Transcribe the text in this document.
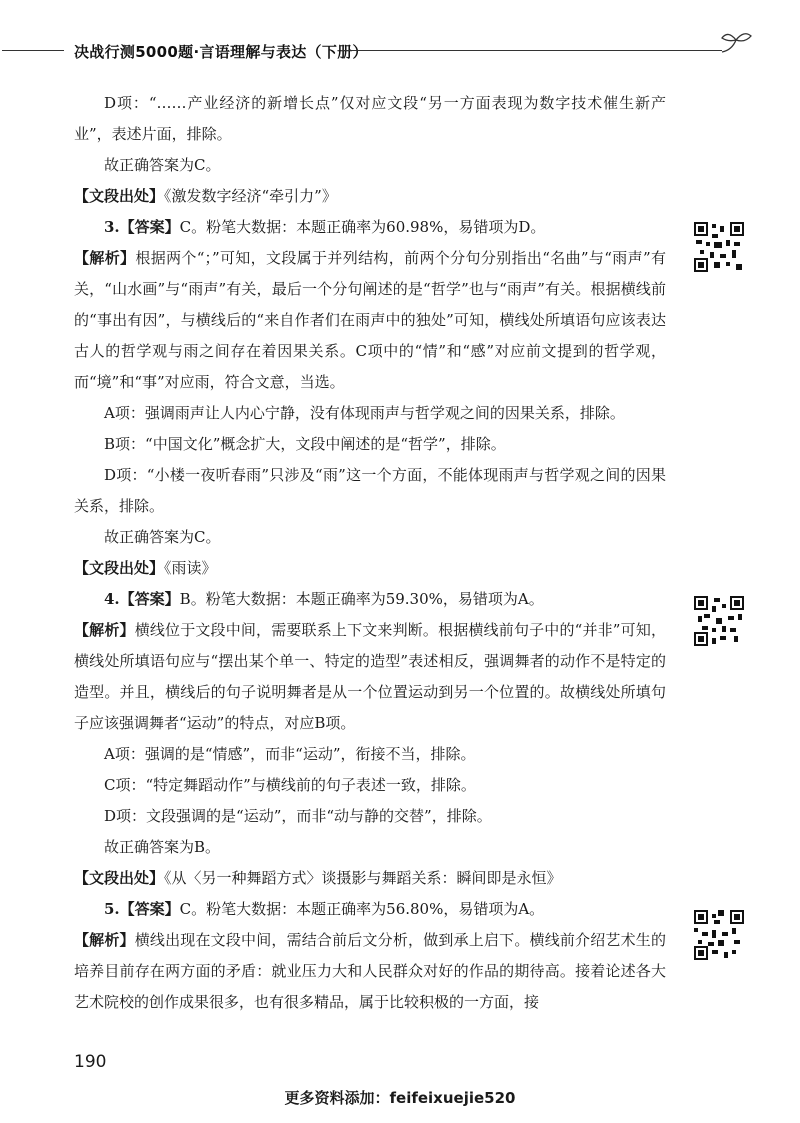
决战行测5000题·言语理解与表达（下册）

D项：“……产业经济的新增长点”仅对应文段“另一方面表现为数字技术催生新产业”，表述片面，排除。

故正确答案为C。

【文段出处】《激发数字经济“牵引力”》

3.【答案】C。粉笔大数据：本题正确率为60.98%，易错项为D。

【解析】根据两个“；”可知，文段属于并列结构，前两个分句分别指出“名曲”与“雨声”有关，“山水画”与“雨声”有关，最后一个分句阐述的是“哲学”也与“雨声”有关。根据横线前的“事出有因”，与横线后的“来自作者们在雨声中的独处”可知，横线处所填语句应该表达古人的哲学观与雨之间存在着因果关系。C项中的“情”和“感”对应前文提到的哲学观，而“境”和“事”对应雨，符合文意，当选。

A项：强调雨声让人内心宁静，没有体现雨声与哲学观之间的因果关系，排除。

B项：“中国文化”概念扩大，文段中阐述的是“哲学”，排除。

D项：“小楼一夜听春雨”只涉及“雨”这一个方面，不能体现雨声与哲学观之间的因果关系，排除。

故正确答案为C。

【文段出处】《雨读》

4.【答案】B。粉笔大数据：本题正确率为59.30%，易错项为A。

【解析】横线位于文段中间，需要联系上下文来判断。根据横线前句子中的“并非”可知，横线处所填语句应与“摆出某个单一、特定的造型”表述相反，强调舞者的动作不是特定的造型。并且，横线后的句子说明舞者是从一个位置运动到另一个位置的。故横线处所填句子应该强调舞者“运动”的特点，对应B项。

A项：强调的是“情感”，而非“运动”，衔接不当，排除。

C项：“特定舞蹈动作”与横线前的句子表述一致，排除。

D项：文段强调的是“运动”，而非“动与静的交替”，排除。

故正确答案为B。

【文段出处】《从〈另一种舞蹈方式〉谈摄影与舞蹈关系：瞬间即是永恒》

5.【答案】C。粉笔大数据：本题正确率为56.80%，易错项为A。

【解析】横线出现在文段中间，需结合前后文分析，做到承上启下。横线前介绍艺术生的培养目前存在两方面的矛盾：就业压力大和人民群众对好的作品的期待高。接着论述各大艺术院校的创作成果很多，也有很多精品，属于比较积极的一方面，接

190
更多资料添加：feifeixuejie520
